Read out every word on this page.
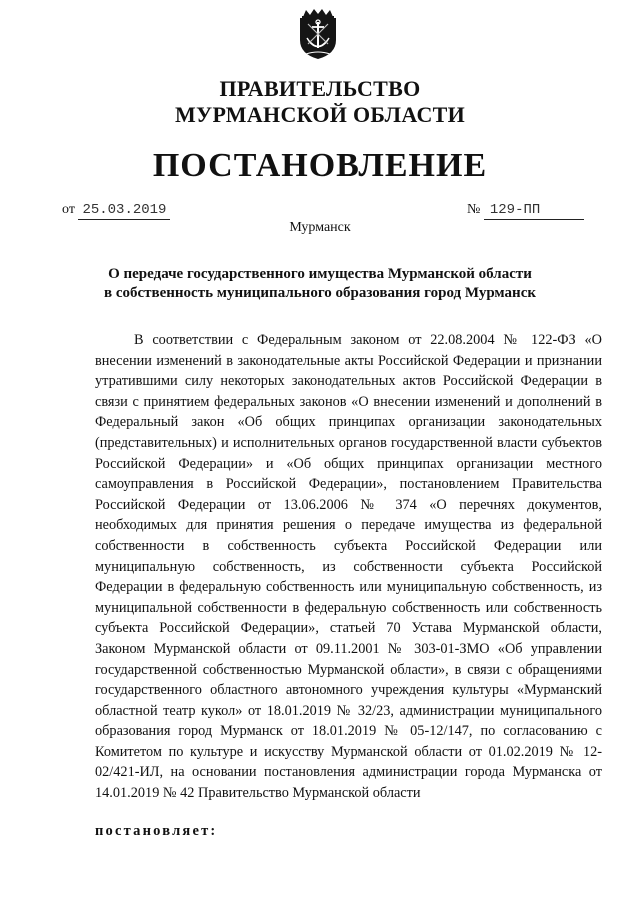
ПРАВИТЕЛЬСТВО
МУРМАНСКОЙ ОБЛАСТИ
ПОСТАНОВЛЕНИЕ
от 25.03.2019	№ 129-ПП
Мурманск
О передаче государственного имущества Мурманской области
в собственность муниципального образования город Мурманск

В соответствии с Федеральным законом от 22.08.2004 № 122-ФЗ «О внесении изменений в законодательные акты Российской Федерации и признании утратившими силу некоторых законодательных актов Российской Федерации в связи с принятием федеральных законов «О внесении изменений и дополнений в Федеральный закон «Об общих принципах организации законодательных (представительных) и исполнительных органов государственной власти субъектов Российской Федерации» и «Об общих принципах организации местного самоуправления в Российской Федерации», постановлением Правительства Российской Федерации от 13.06.2006 № 374 «О перечнях документов, необходимых для принятия решения о передаче имущества из федеральной собственности в собственность субъекта Российской Федерации или муниципальную собственность, из собственности субъекта Российской Федерации в федеральную собственность или муниципальную собственность, из муниципальной собственности в федеральную собственность или собственность субъекта Российской Федерации», статьей 70 Устава Мурманской области, Законом Мурманской области от 09.11.2001 № 303-01-ЗМО «Об управлении государственной собственностью Мурманской области», в связи с обращениями государственного областного автономного учреждения культуры «Мурманский областной театр кукол» от 18.01.2019 № 32/23, администрации муниципального образования город Мурманск от 18.01.2019 № 05-12/147, по согласованию с Комитетом по культуре и искусству Мурманской области от 01.02.2019 № 12-02/421-ИЛ, на основании постановления администрации города Мурманска от 14.01.2019 № 42 Правительство Мурманской области

постановляет:
